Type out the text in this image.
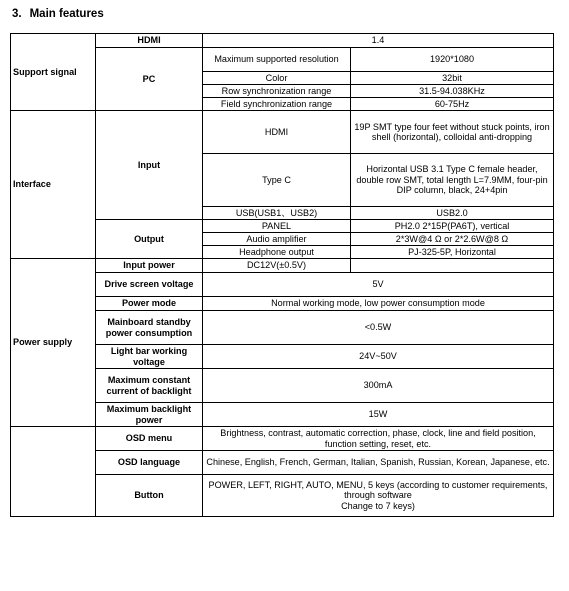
3. Main features
Support signal	HDMI	1.4	
	PC	Maximum supported resolution	1920*1080
		Color	32bit
		Row synchronization range	31.5-94.038KHz
		Field synchronization range	60-75Hz
Interface	Input	HDMI	19P SMT type four feet without stuck points, iron shell (horizontal), colloidal anti-dropping
		Type C	Horizontal USB 3.1 Type C female header, double row SMT, total length L=7.9MM, four-pin DIP column, black, 24+4pin
		USB(USB1、USB2)	USB2.0
	Output	PANEL	PH2.0 2*15P(PA6T), vertical
		Audio amplifier	2*3W@4 Ω or 2*2.6W@8 Ω
		Headphone output	PJ-325-5P, Horizontal
Power supply	Input power	DC12V(±0.5V)	
	Drive screen voltage	5V	
	Power mode	Normal working mode, low power consumption mode	
	Mainboard standby power consumption	<0.5W	
	Light bar working voltage	24V~50V	
	Maximum constant current of backlight	300mA	
	Maximum backlight power	15W	
	OSD menu	Brightness, contrast, automatic correction, phase, clock, line and field position, function setting, reset, etc.	
	OSD language	Chinese, English, French, German, Italian, Spanish, Russian, Korean, Japanese, etc.	
	Button	POWER, LEFT, RIGHT, AUTO, MENU, 5 keys (according to customer requirements, through software
Change to 7 keys)	
